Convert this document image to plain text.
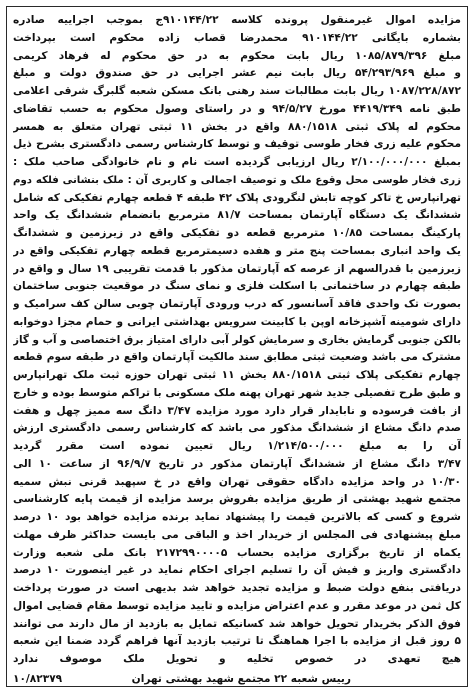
مزایده اموال غیرمنقول پرونده کلاسه ۹۱۰۱۴۴/۲۲ج بموجب اجراییه صادره
بشماره بایگانی ۹۱۰۱۴۴/۲۲ محمدرضا قصاب زاده محکوم است بپرداخت
مبلغ ۱۰۸۵/۸۷۹/۳۹۶ ریال بابت محکوم به در حق محکوم له فرهاد کریمی
و مبلغ ۵۴/۲۹۳/۹۶۹ ریال بابت نیم عشر اجرایی در حق صندوق دولت و مبلغ
۱۰۸۷/۲۲۸/۸۷۲ ریال بابت مطالبات سند رهنی بانک مسکن شعبه گلبرگ شرقی اعلامی
طبق نامه ۴۴۱۹/۳۴۹ مورخ ۹۴/۵/۲۷ و در راستای وصول محکوم به حسب تقاضای
محکوم له پلاک ثبتی ۸۸۰/۱۵۱۸ واقع در بخش ۱۱ ثبتی تهران متعلق به همسر
محکوم علیه زری فخار طوسی توقیف و توسط کارشناس رسمی دادگستری بشرح ذیل
بمبلغ ۲/۱۰۰/۰۰۰/۰۰۰ ریال ارزیابی گردیده است نام و نام خانوادگی صاحب ملک :
زری فخار طوسی محل وقوع ملک و توصیف اجمالی و کاربری آن : ملک بنشانی فلکه دوم
تهرانپارس خ تاکر کوچه تابش لنگرودی پلاک ۴۲ طبقه ۴ قطعه چهارم تفکیکی که شامل
ششدانگ یک دستگاه آپارتمان بمساحت ۸۱/۷ مترمربع بانضمام ششدانگ یک واحد
پارکینگ بمساحت ۱۰/۸۵ مترمربع قطعه دو تفکیکی واقع در زیرزمین و ششدانگ
یک واحد انباری بمساحت پنج متر و هفده دسیمترمربع قطعه چهارم تفکیکی واقع در
زیرزمین با قدرالسهم از عرصه که آپارتمان مذکور با قدمت تقریبی ۱۹ سال و واقع در
طبقه چهارم در ساختمانی با اسکلت فلزی و نمای سنگ در موقعیت جنوبی ساختمان
بصورت تک واحدی فاقد آسانسور که درب ورودی آپارتمان چوبی سالن کف سرامیک و
دارای شومینه آشپزخانه اوپن با کابینت سرویس بهداشتی ایرانی و حمام مجزا دوخوابه
بالکن جنوبی گرمایش بخاری و سرمایش کولر آبی دارای امتیاز برق اختصاصی و آب و گاز
مشترک می باشد وضعیت ثبتی مطابق سند مالکیت آپارتمان واقع در طبقه سوم قطعه
چهارم تفکیکی پلاک ثبتی ۸۸۰/۱۵۱۸ بخش ۱۱ ثبتی تهران حوزه ثبت ملک تهرانپارس
و طبق طرح تفصیلی جدید شهر تهران پهنه ملک مسکونی با تراکم متوسط بوده و خارج
از بافت فرسوده و نابایدار قرار دارد مورد مزایده ۳/۴۷ دانگ سه ممیز چهل و هفت
صدم دانگ مشاع از ششدانگ مذکور می باشد که کارشناس رسمی دادگستری ارزش
آن را به مبلغ ۱/۲۱۴/۵۰۰/۰۰۰ ریال تعیین نموده است مقرر گردید
۳/۴۷ دانگ مشاع از ششدانگ آپارتمان مذکور در تاریخ ۹۶/۹/۷ از ساعت ۱۰ الی
۱۰/۳۰ در واحد مزایده دادگاه حقوقی تهران واقع در خ سپهبد قرنی نبش سمیه
مجتمع شهید بهشتی از طریق مزایده بفروش برسد مزایده از قیمت پایه کارشناسی
شروع و کسی که بالاترین قیمت را پیشنهاد نماید برنده مزایده خواهد بود ۱۰ درصد
مبلغ پیشنهادی فی المجلس از خریدار اخذ و الباقی می بایست حداکثر ظرف مهلت
یکماه از تاریخ برگزاری مزایده بحساب ۲۱۷۲۹۹۰۰۰۰۵ بانک ملی شعبه وزارت
دادگستری واریز و فیش آن را تسلیم اجرای احکام نماید در غیر اینصورت ۱۰ درصد
دریافتی بنفع دولت ضبط و مزایده تجدید خواهد شد بدیهی است در صورت پرداخت
کل ثمن در موعد مقرر و عدم اعتراض مزایده و تایید مزایده توسط مقام قضایی اموال
فوق الذکر بخریدار تحویل خواهد شد کسانیکه تمایل به بازدید از مال دارند می توانند
۵ روز قبل از مزایده با اجرا هماهنگ تا ترتیب بازدید آنها فراهم گردد ضمنا این شعبه
هیچ تعهدی در خصوص تخلیه و تحویل ملک موصوف ندارد
رییس شعبه ۲۲ مجتمع شهید بهشتی تهران
۱۰/۸۲۳۷۹
